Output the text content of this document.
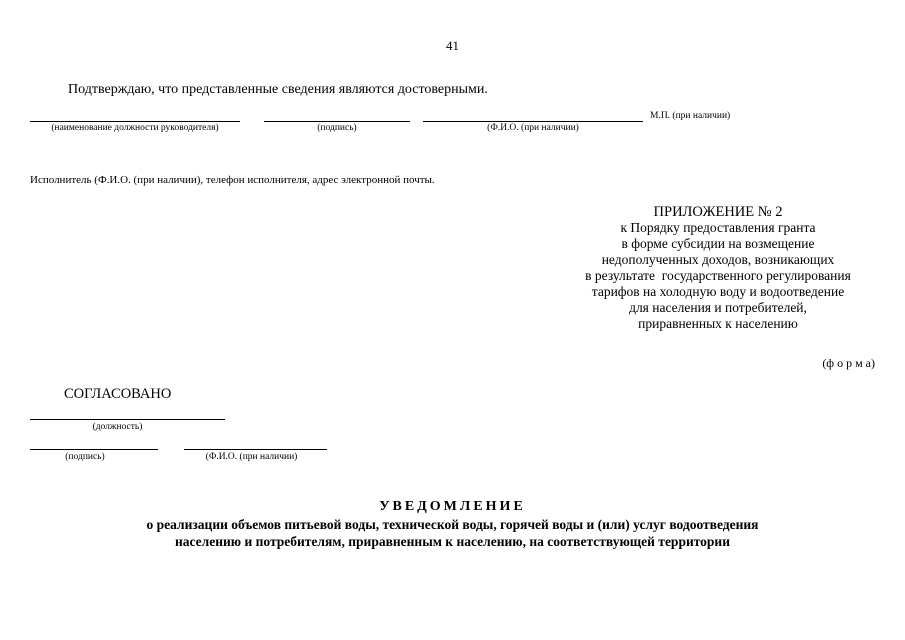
41
Подтверждаю, что представленные сведения являются достоверными.
(наименование должности руководителя)	(подпись)	(Ф.И.О. (при наличии)
М.П. (при наличии)
Исполнитель (Ф.И.О. (при наличии), телефон исполнителя, адрес электронной почты.
ПРИЛОЖЕНИЕ № 2
к Порядку предоставления гранта
в форме субсидии на возмещение
недополученных доходов, возникающих
в результате  государственного регулирования
тарифов на холодную воду и водоотведение
для населения и потребителей,
приравненных к населению
(ф о р м а)
СОГЛАСОВАНО
(должность)
(подпись)	(Ф.И.О. (при наличии)
УВЕДОМЛЕНИЕ
о реализации объемов питьевой воды, технической воды, горячей воды и (или) услуг водоотведения
населению и потребителям, приравненным к населению, на соответствующей территории
